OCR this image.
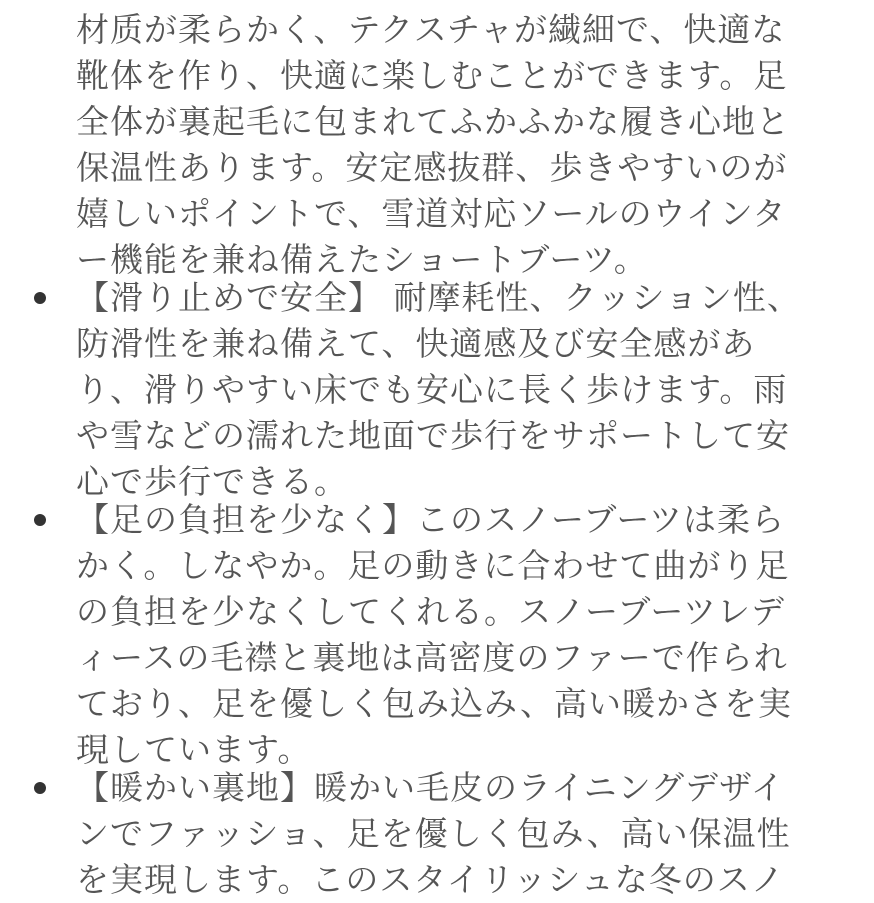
材质が柔らかく、テクスチャが繊細で、快適な
靴体を作り、快適に楽しむことができます。足
全体が裏起毛に包まれてふかふかな履き心地と
保温性あります。安定感抜群、歩きやすいのが
嬉しいポイントで、雪道対応ソールのウインタ
ー機能を兼ね備えたショートブーツ。
【滑り止めで安全】 耐摩耗性、クッション性、
防滑性を兼ね備えて、快適感及び安全感があ
り、滑りやすい床でも安心に長く歩けます。雨
や雪などの濡れた地面で歩行をサポートして安
心で歩行できる。
【足の負担を少なく】このスノーブーツは柔ら
かく。しなやか。足の動きに合わせて曲がり足
の負担を少なくしてくれる。スノーブーツレデ
ィースの毛襟と裏地は高密度のファーで作られ
ており、足を優しく包み込み、高い暖かさを実
現しています。
【暖かい裏地】暖かい毛皮のライニングデザイ
ンでファッショ、足を優しく包み、高い保温性
を実現します。このスタイリッシュな冬のスノ
